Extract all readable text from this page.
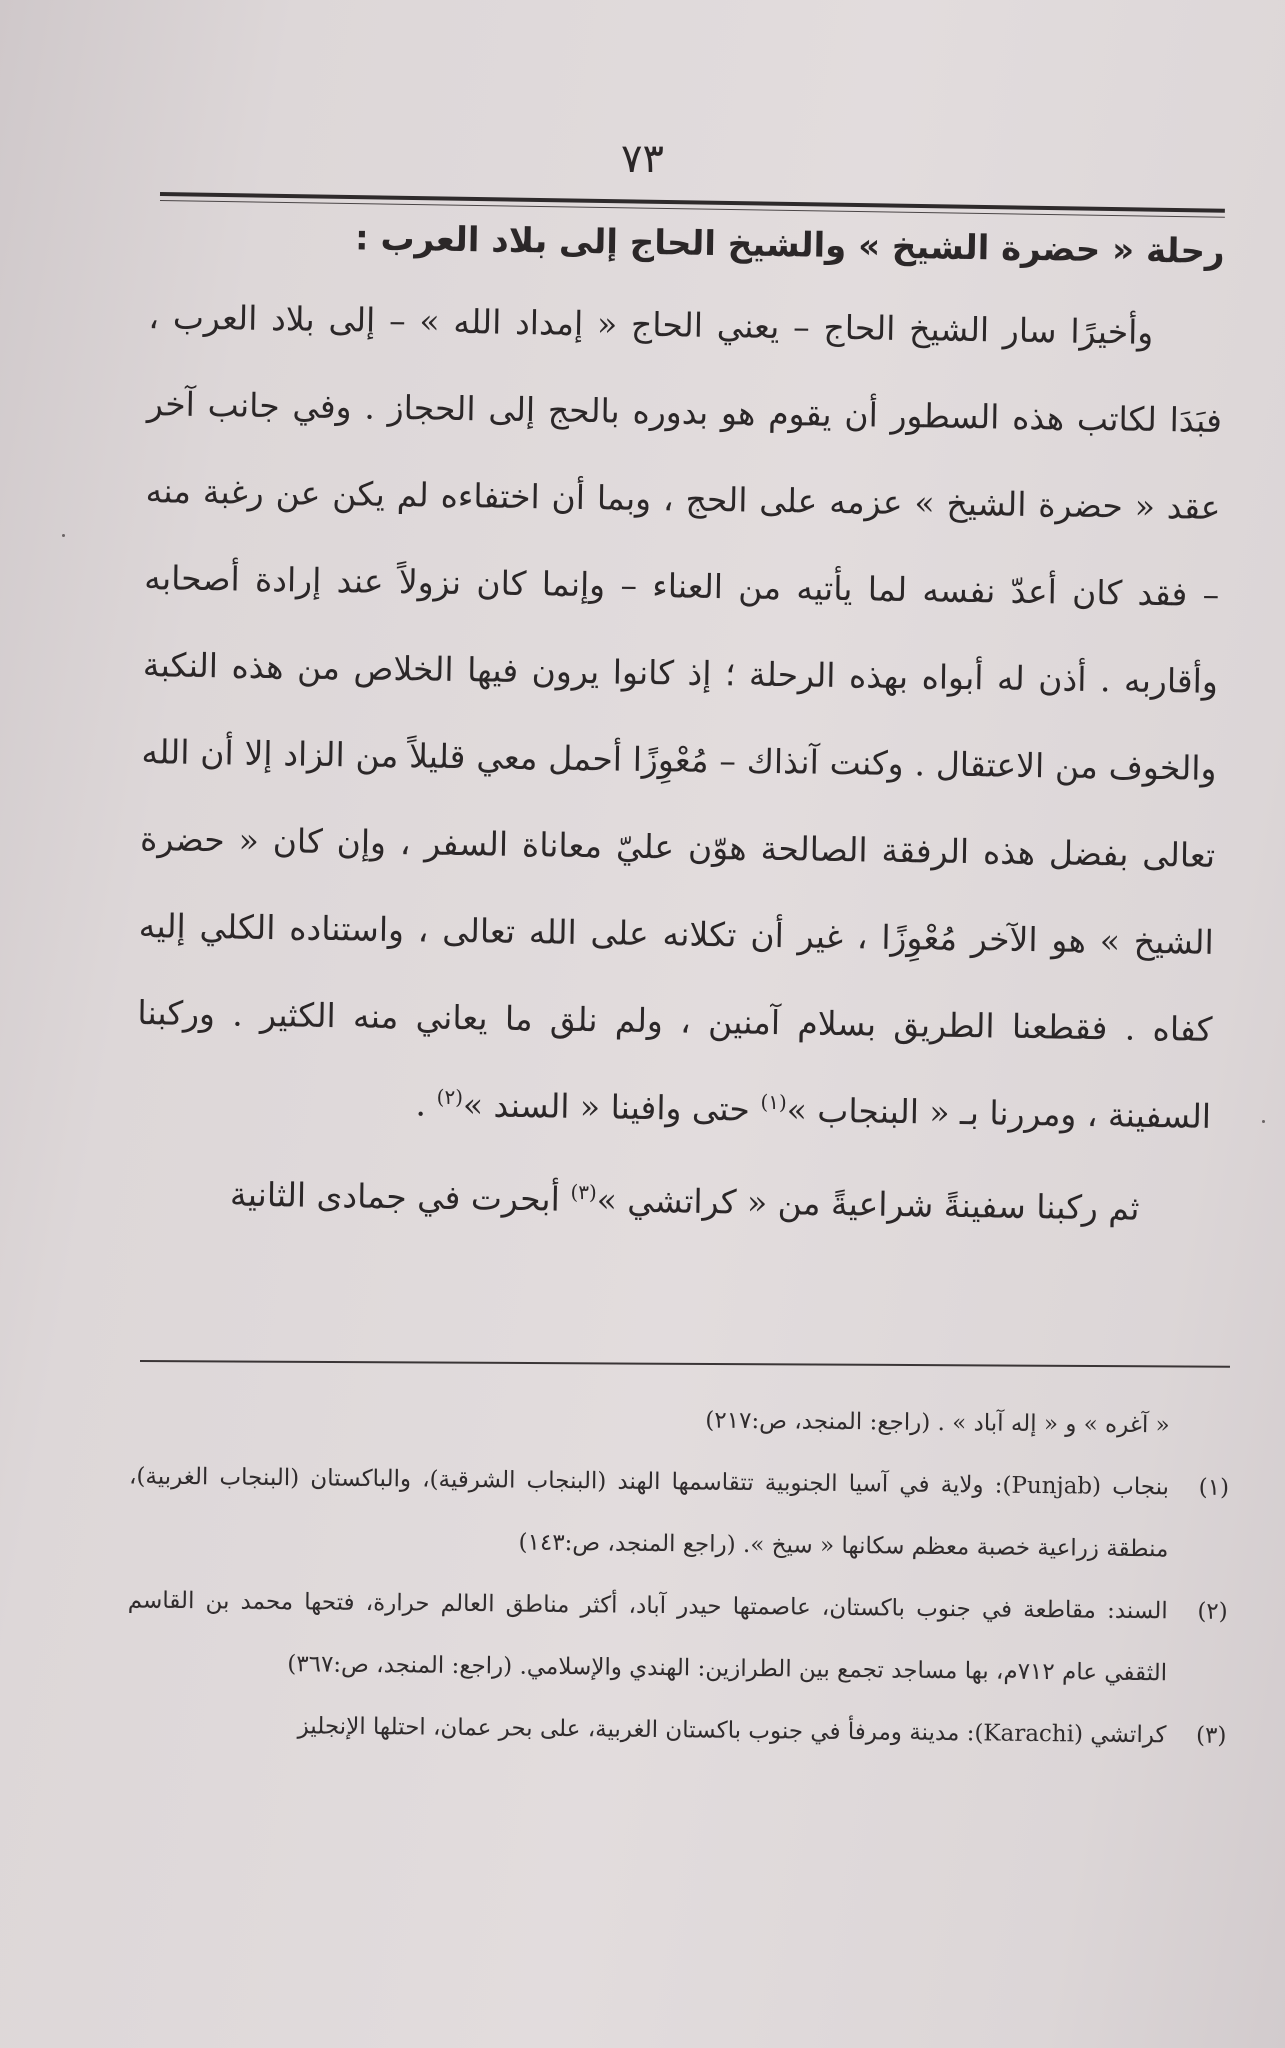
٧٣
رحلة « حضرة الشيخ » والشيخ الحاج إلى بلاد العرب :

وأخيرًا سار الشيخ الحاج – يعني الحاج « إمداد الله » – إلى بلاد العرب ، فبَدَا لكاتب هذه السطور أن يقوم هو بدوره بالحج إلى الحجاز . وفي جانب آخر عقد « حضرة الشيخ » عزمه على الحج ، وبما أن اختفاءه لم يكن عن رغبة منه – فقد كان أعدّ نفسه لما يأتيه من العناء – وإنما كان نزولاً عند إرادة أصحابه وأقاربه . أذن له أبواه بهذه الرحلة ؛ إذ كانوا يرون فيها الخلاص من هذه النكبة والخوف من الاعتقال . وكنت آنذاك – مُعْوِزًا أحمل معي قليلاً من الزاد إلا أن الله تعالى بفضل هذه الرفقة الصالحة هوّن عليّ معاناة السفر ، وإن كان « حضرة الشيخ » هو الآخر مُعْوِزًا ، غير أن تكلانه على الله تعالى ، واستناده الكلي إليه كفاه . فقطعنا الطريق بسلام آمنين ، ولم نلق ما يعاني منه الكثير . وركبنا السفينة ، ومررنا بـ « البنجاب »$^{(١)}$ حتى وافينا « السند »$^{(٢)}$ .

ثم ركبنا سفينةً شراعيةً من « كراتشي »$^{(٣)}$ أبحرت في جمادى الثانية

« آغره » و « إله آباد » . (راجع: المنجد، ص:٢١٧)

(١)
بنجاب (Punjab): ولاية في آسيا الجنوبية تتقاسمها الهند (البنجاب الشرقية)، والباكستان (البنجاب الغربية)، منطقة زراعية خصبة معظم سكانها « سيخ ». (راجع المنجد، ص:١٤٣)
(٢)
السند: مقاطعة في جنوب باكستان، عاصمتها حيدر آباد، أكثر مناطق العالم حرارة، فتحها محمد بن القاسم الثقفي عام ٧١٢م، بها مساجد تجمع بين الطرازين: الهندي والإسلامي. (راجع: المنجد، ص:٣٦٧)
(٣)
كراتشي (Karachi): مدينة ومرفأ في جنوب باكستان الغربية، على بحر عمان، احتلها الإنجليز
